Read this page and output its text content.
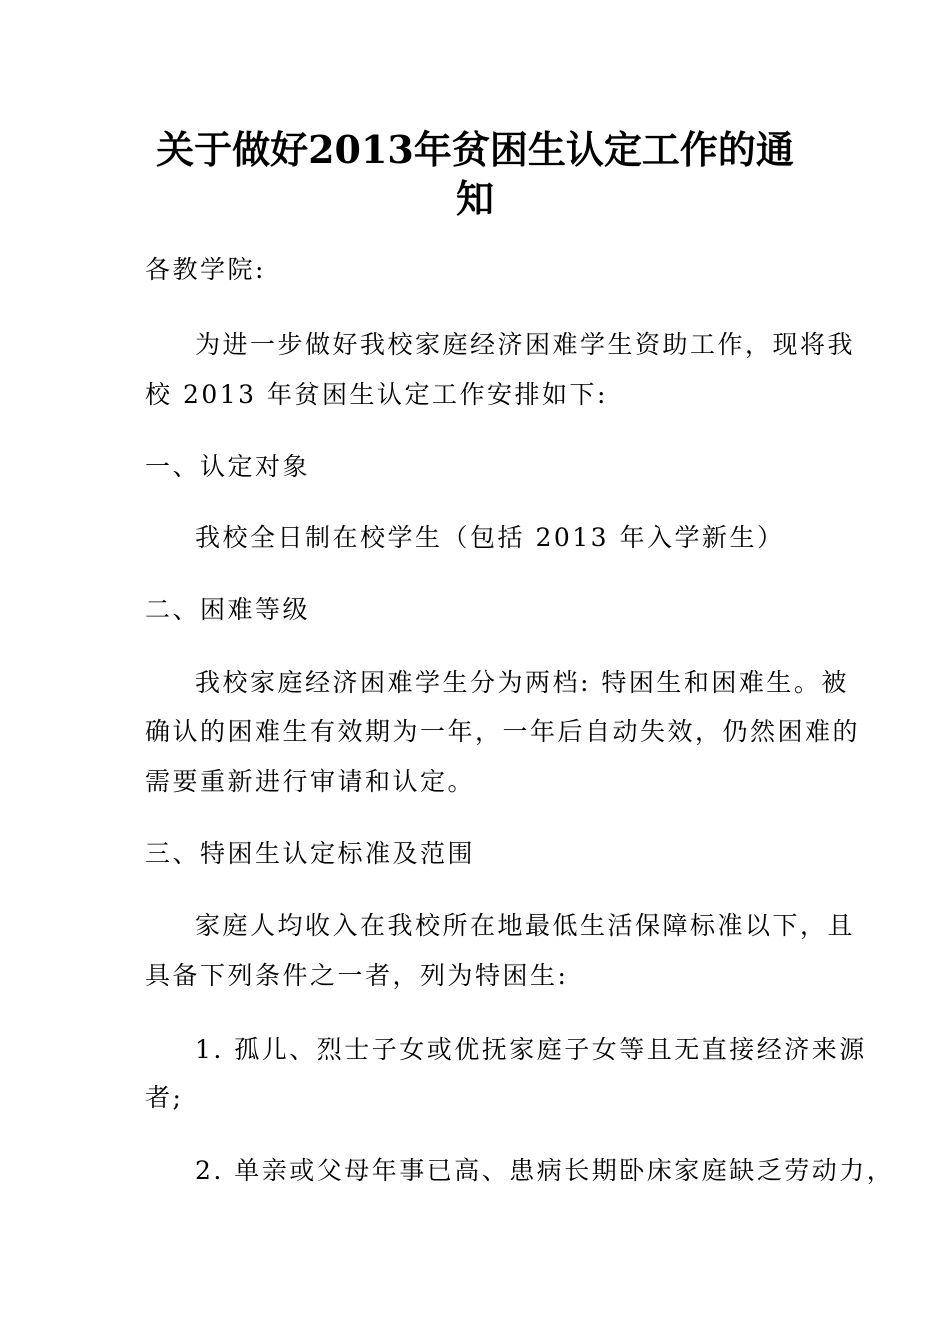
关于做好2013年贫困生认定工作的通
知
各教学院:
为进一步做好我校家庭经济困难学生资助工作，现将我
校 2013 年贫困生认定工作安排如下:
一、认定对象
我校全日制在校学生（包括 2013 年入学新生）
二、困难等级
我校家庭经济困难学生分为两档: 特困生和困难生。被
确认的困难生有效期为一年，一年后自动失效，仍然困难的
需要重新进行审请和认定。
三、特困生认定标准及范围
家庭人均收入在我校所在地最低生活保障标准以下，且
具备下列条件之一者，列为特困生:
1. 孤儿、烈士子女或优抚家庭子女等且无直接经济来源
者;
2. 单亲或父母年事已高、患病长期卧床家庭缺乏劳动力，
